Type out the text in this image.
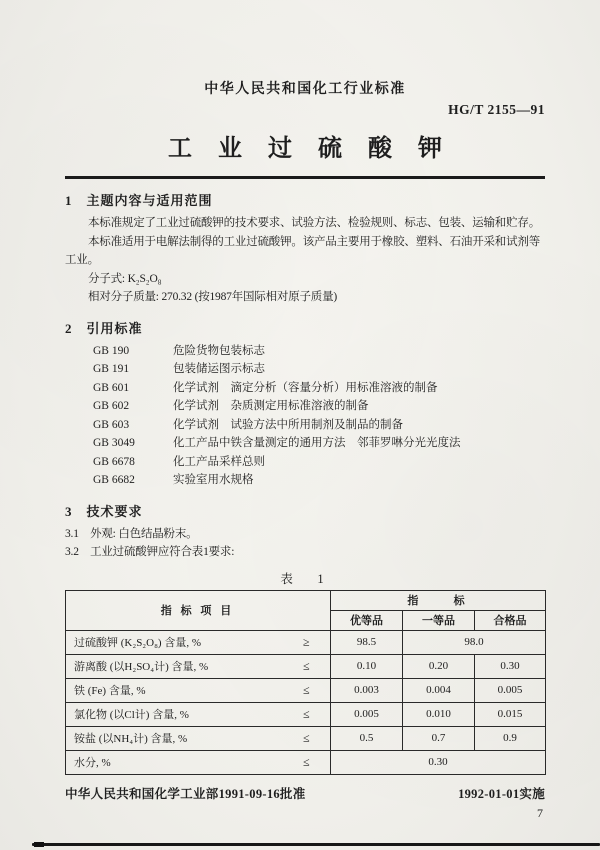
中华人民共和国化工行业标准
HG/T 2155—91
工业过硫酸钾
1　主题内容与适用范围

本标准规定了工业过硫酸钾的技术要求、试验方法、检验规则、标志、包装、运输和贮存。

本标准适用于电解法制得的工业过硫酸钾。该产品主要用于橡胶、塑料、石油开采和试剂等工业。

分子式: K₂S₂O₈

相对分子质量: 270.32 (按1987年国际相对原子质量)

2　引用标准
GB 190	危险货物包装标志
GB 191	包装储运图示标志
GB 601	化学试剂　滴定分析（容量分析）用标准溶液的制备
GB 602	化学试剂　杂质测定用标准溶液的制备
GB 603	化学试剂　试验方法中所用制剂及制品的制备
GB 3049	化工产品中铁含量测定的通用方法　邻菲罗啉分光光度法
GB 6678	化工产品采样总则
GB 6682	实验室用水规格
3　技术要求

3.1　外观: 白色结晶粉末。

3.2　工业过硫酸钾应符合表1要求:

表　1
指标项目		指标		
		优等品	一等品	合格品
过硫酸钾 (K₂S₂O₈) 含量, %	≥	98.5	98.0	
游离酸 (以H₂SO₄计) 含量, %	≤	0.10	0.20	0.30
铁 (Fe) 含量, %	≤	0.003	0.004	0.005
氯化物 (以Cl计) 含量, %	≤	0.005	0.010	0.015
铵盐 (以NH₄计) 含量, %	≤	0.5	0.7	0.9
水分, %	≤	0.30		
中华人民共和国化学工业部1991-09-16批准	1992-01-01实施
7
